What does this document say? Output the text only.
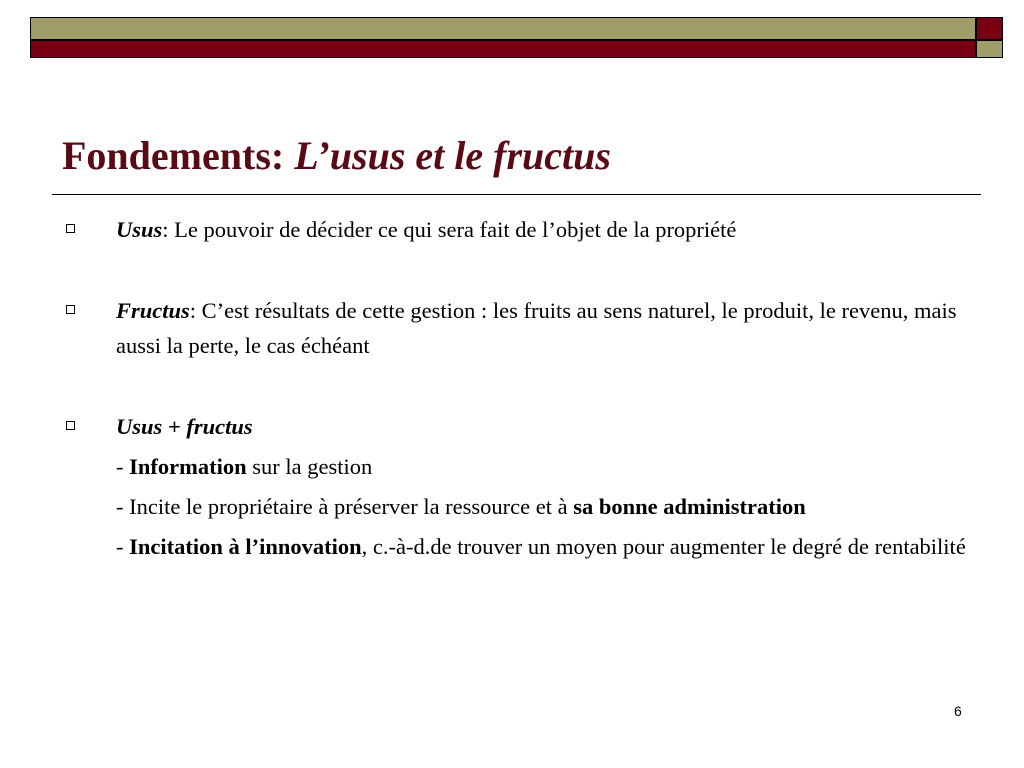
Fondements: L’usus et le fructus
Usus: Le pouvoir de décider ce qui sera fait de l’objet de la propriété
Fructus: C’est résultats de cette gestion : les fruits au sens naturel, le produit, le revenu, mais aussi la perte, le cas échéant
Usus + fructus
- Information sur la gestion
- Incite le propriétaire à préserver la ressource et à sa bonne administration
- Incitation à l’innovation, c.-à-d.de trouver un moyen pour augmenter le degré de rentabilité
6
